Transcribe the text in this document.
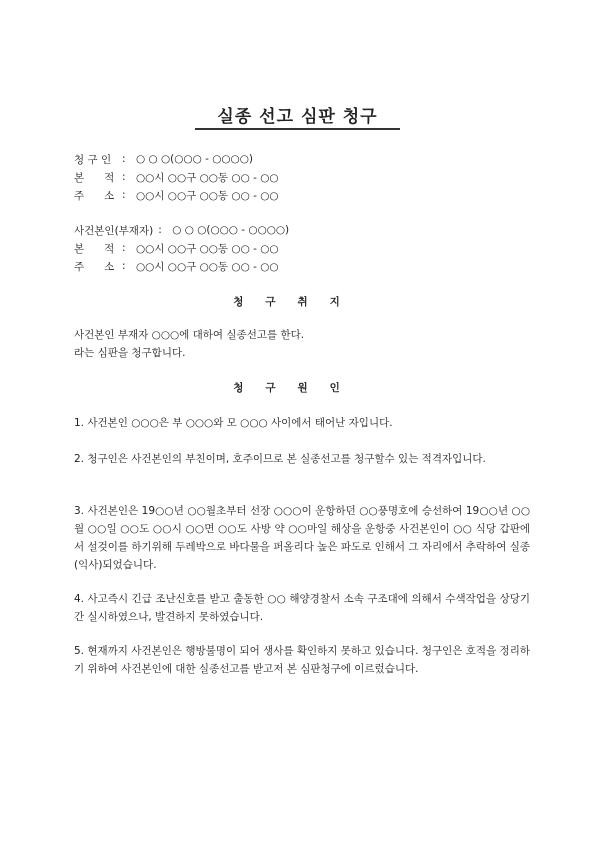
실종 선고 심판 청구
청 구 인	: ○ ○ ○(○○○ - ○○○○)
본      적 : ○○시 ○○구 ○○동 ○○ - ○○
주      소 : ○○시 ○○구 ○○동 ○○ - ○○
사건본인(부재자) : ○ ○ ○(○○○ - ○○○○)
본      적 : ○○시 ○○구 ○○동 ○○ - ○○
주      소 : ○○시 ○○구 ○○동 ○○ - ○○
청구취지

사건본인 부재자 ○○○에 대하여 실종선고를 한다.

라는 심판을 청구합니다.

청구원인

1. 사건본인 ○○○은 부 ○○○와 모 ○○○ 사이에서 태어난 자입니다.

2. 청구인은 사건본인의 부친이며, 호주이므로 본 실종선고를 청구할수 있는 적격자입니다.

3. 사건본인은 19○○년 ○○월초부터 선장 ○○○이 운항하던 ○○풍명호에 승선하여 19○○년 ○○월 ○○일 ○○도 ○○시 ○○면 ○○도 사방 약 ○○마일 해상을 운항중 사건본인이 ○○ 식당 갑판에서 설겆이를 하기위해 두레박으로 바다물을 퍼올리다 높은 파도로 인해서 그 자리에서 추락하여 실종(익사)되었습니다.

4. 사고즉시 긴급 조난신호를 받고 출동한 ○○ 해양경찰서 소속 구조대에 의해서 수색작업을 상당기간 실시하였으나, 발견하지 못하였습니다.

5. 현재까지 사건본인은 행방불명이 되어 생사를 확인하지 못하고 있습니다. 청구인은 호적을 정리하기 위하여 사건본인에 대한 실종선고를 받고저 본 심판청구에 이르렀습니다.
